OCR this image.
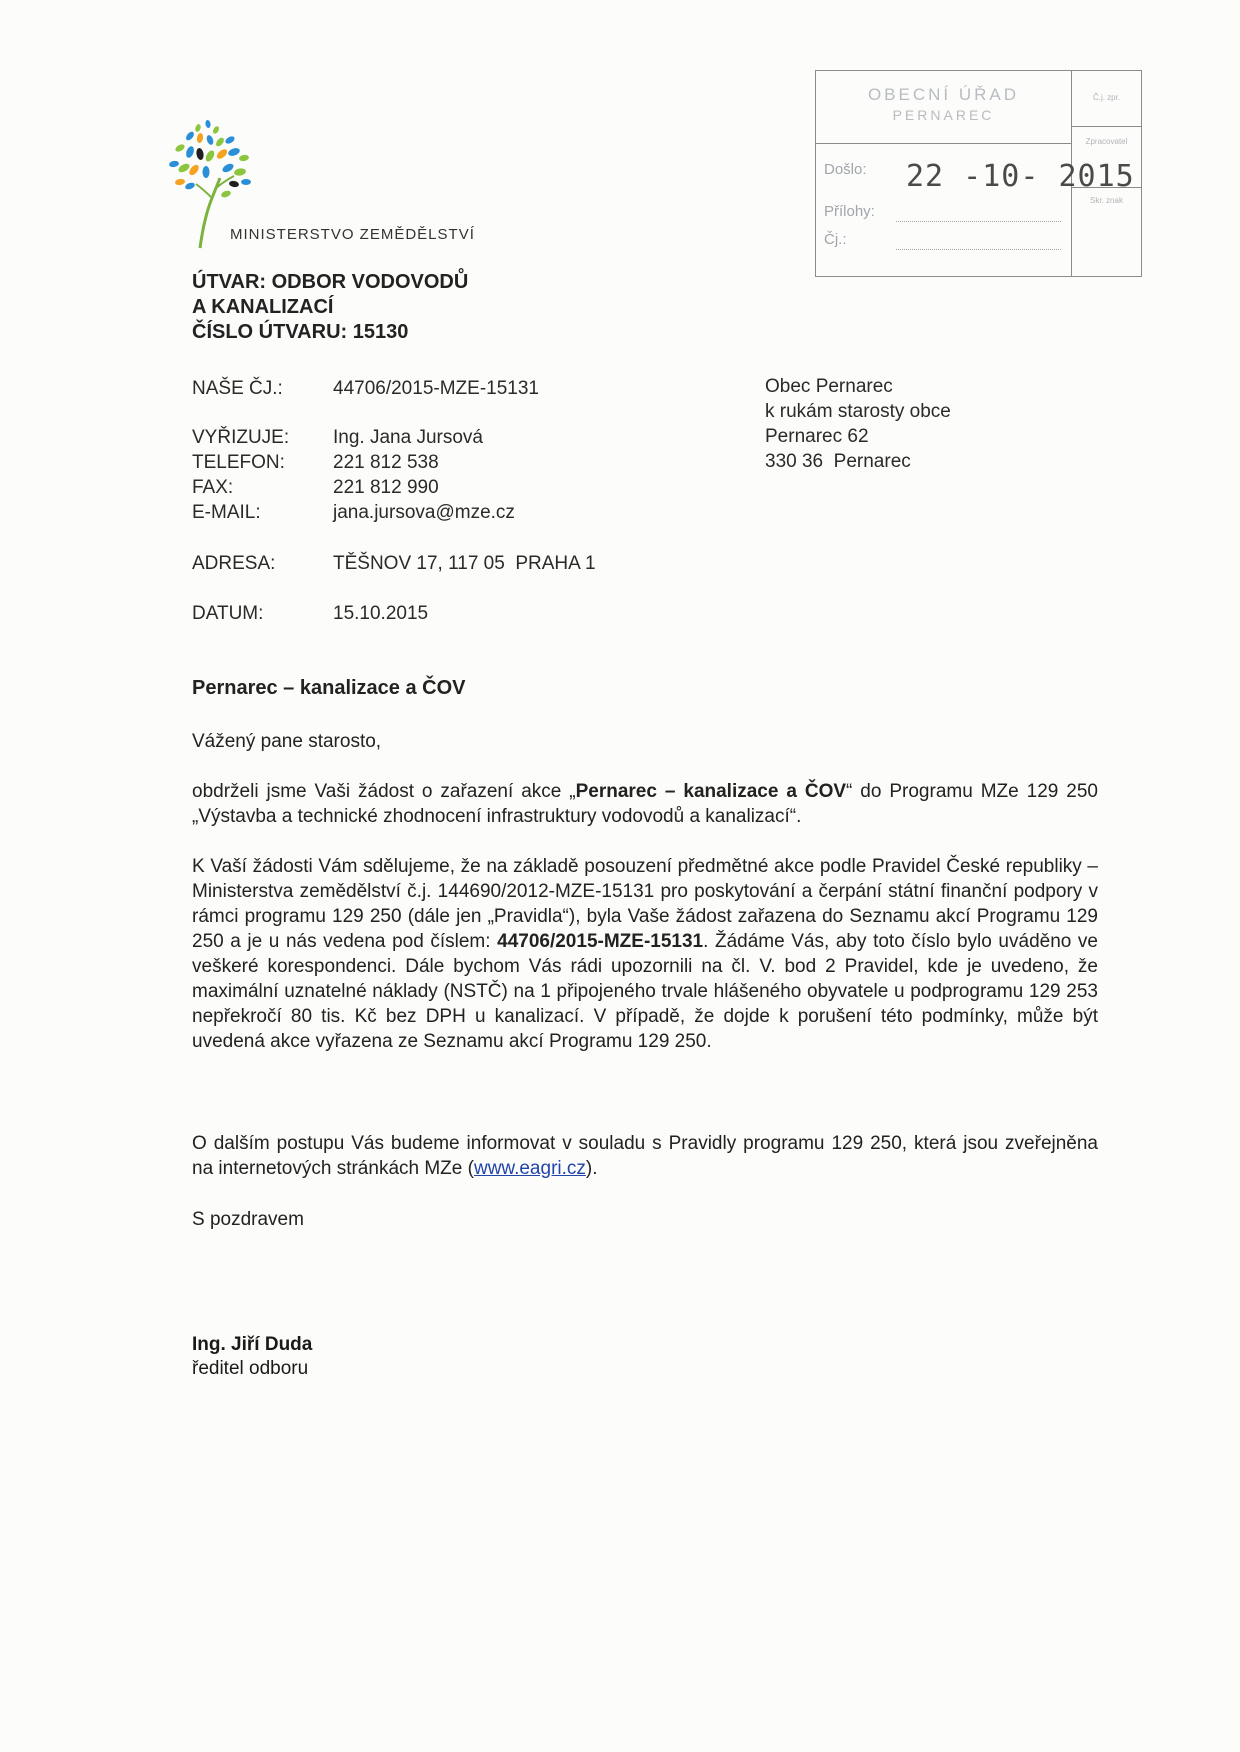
MINISTERSTVO ZEMĚDĚLSTVÍ
OBECNÍ ÚŘAD
PERNAREC
Došlo: 22 -10- 2015
Přílohy:
Čj.:
Č.j. zpr.
Zpracovatel
Skr. znak
ÚTVAR: ODBOR VODOVODŮ
A KANALIZACÍ
ČÍSLO ÚTVARU: 15130
NAŠE ČJ.:	44706/2015-MZE-15131
VYŘIZUJE: Ing. Jana Jursová
TELEFON:	221 812 538
FAX:	221 812 990
E-MAIL:	jana.jursova@mze.cz
ADRESA:	TĚŠNOV 17, 117 05  PRAHA 1
DATUM:	15.10.2015
Obec Pernarec
k rukám starosty obce
Pernarec 62
330 36  Pernarec
Pernarec – kanalizace a ČOV
Vážený pane starosto,
obdrželi jsme Vaši žádost o zařazení akce „Pernarec – kanalizace a ČOV“ do Programu MZe 129 250 „Výstavba a technické zhodnocení infrastruktury vodovodů a kanalizací“.
K Vaší žádosti Vám sdělujeme, že na základě posouzení předmětné akce podle Pravidel České republiky – Ministerstva zemědělství č.j. 144690/2012-MZE-15131 pro poskytování a čerpání státní finanční podpory v rámci programu 129 250 (dále jen „Pravidla“), byla Vaše žádost zařazena do Seznamu akcí Programu 129 250 a je u nás vedena pod číslem: 44706/2015-MZE-15131. Žádáme Vás, aby toto číslo bylo uváděno ve veškeré korespondenci. Dále bychom Vás rádi upozornili na čl. V. bod 2 Pravidel, kde je uvedeno, že maximální uznatelné náklady (NSTČ) na 1 připojeného trvale hlášeného obyvatele u podprogramu 129 253 nepřekročí 80 tis. Kč bez DPH u kanalizací. V případě, že dojde k porušení této podmínky, může být uvedená akce vyřazena ze Seznamu akcí Programu 129 250.
O dalším postupu Vás budeme informovat v souladu s Pravidly programu 129 250, která jsou zveřejněna na internetových stránkách MZe (www.eagri.cz).
S pozdravem
Ing. Jiří Duda
ředitel odboru
